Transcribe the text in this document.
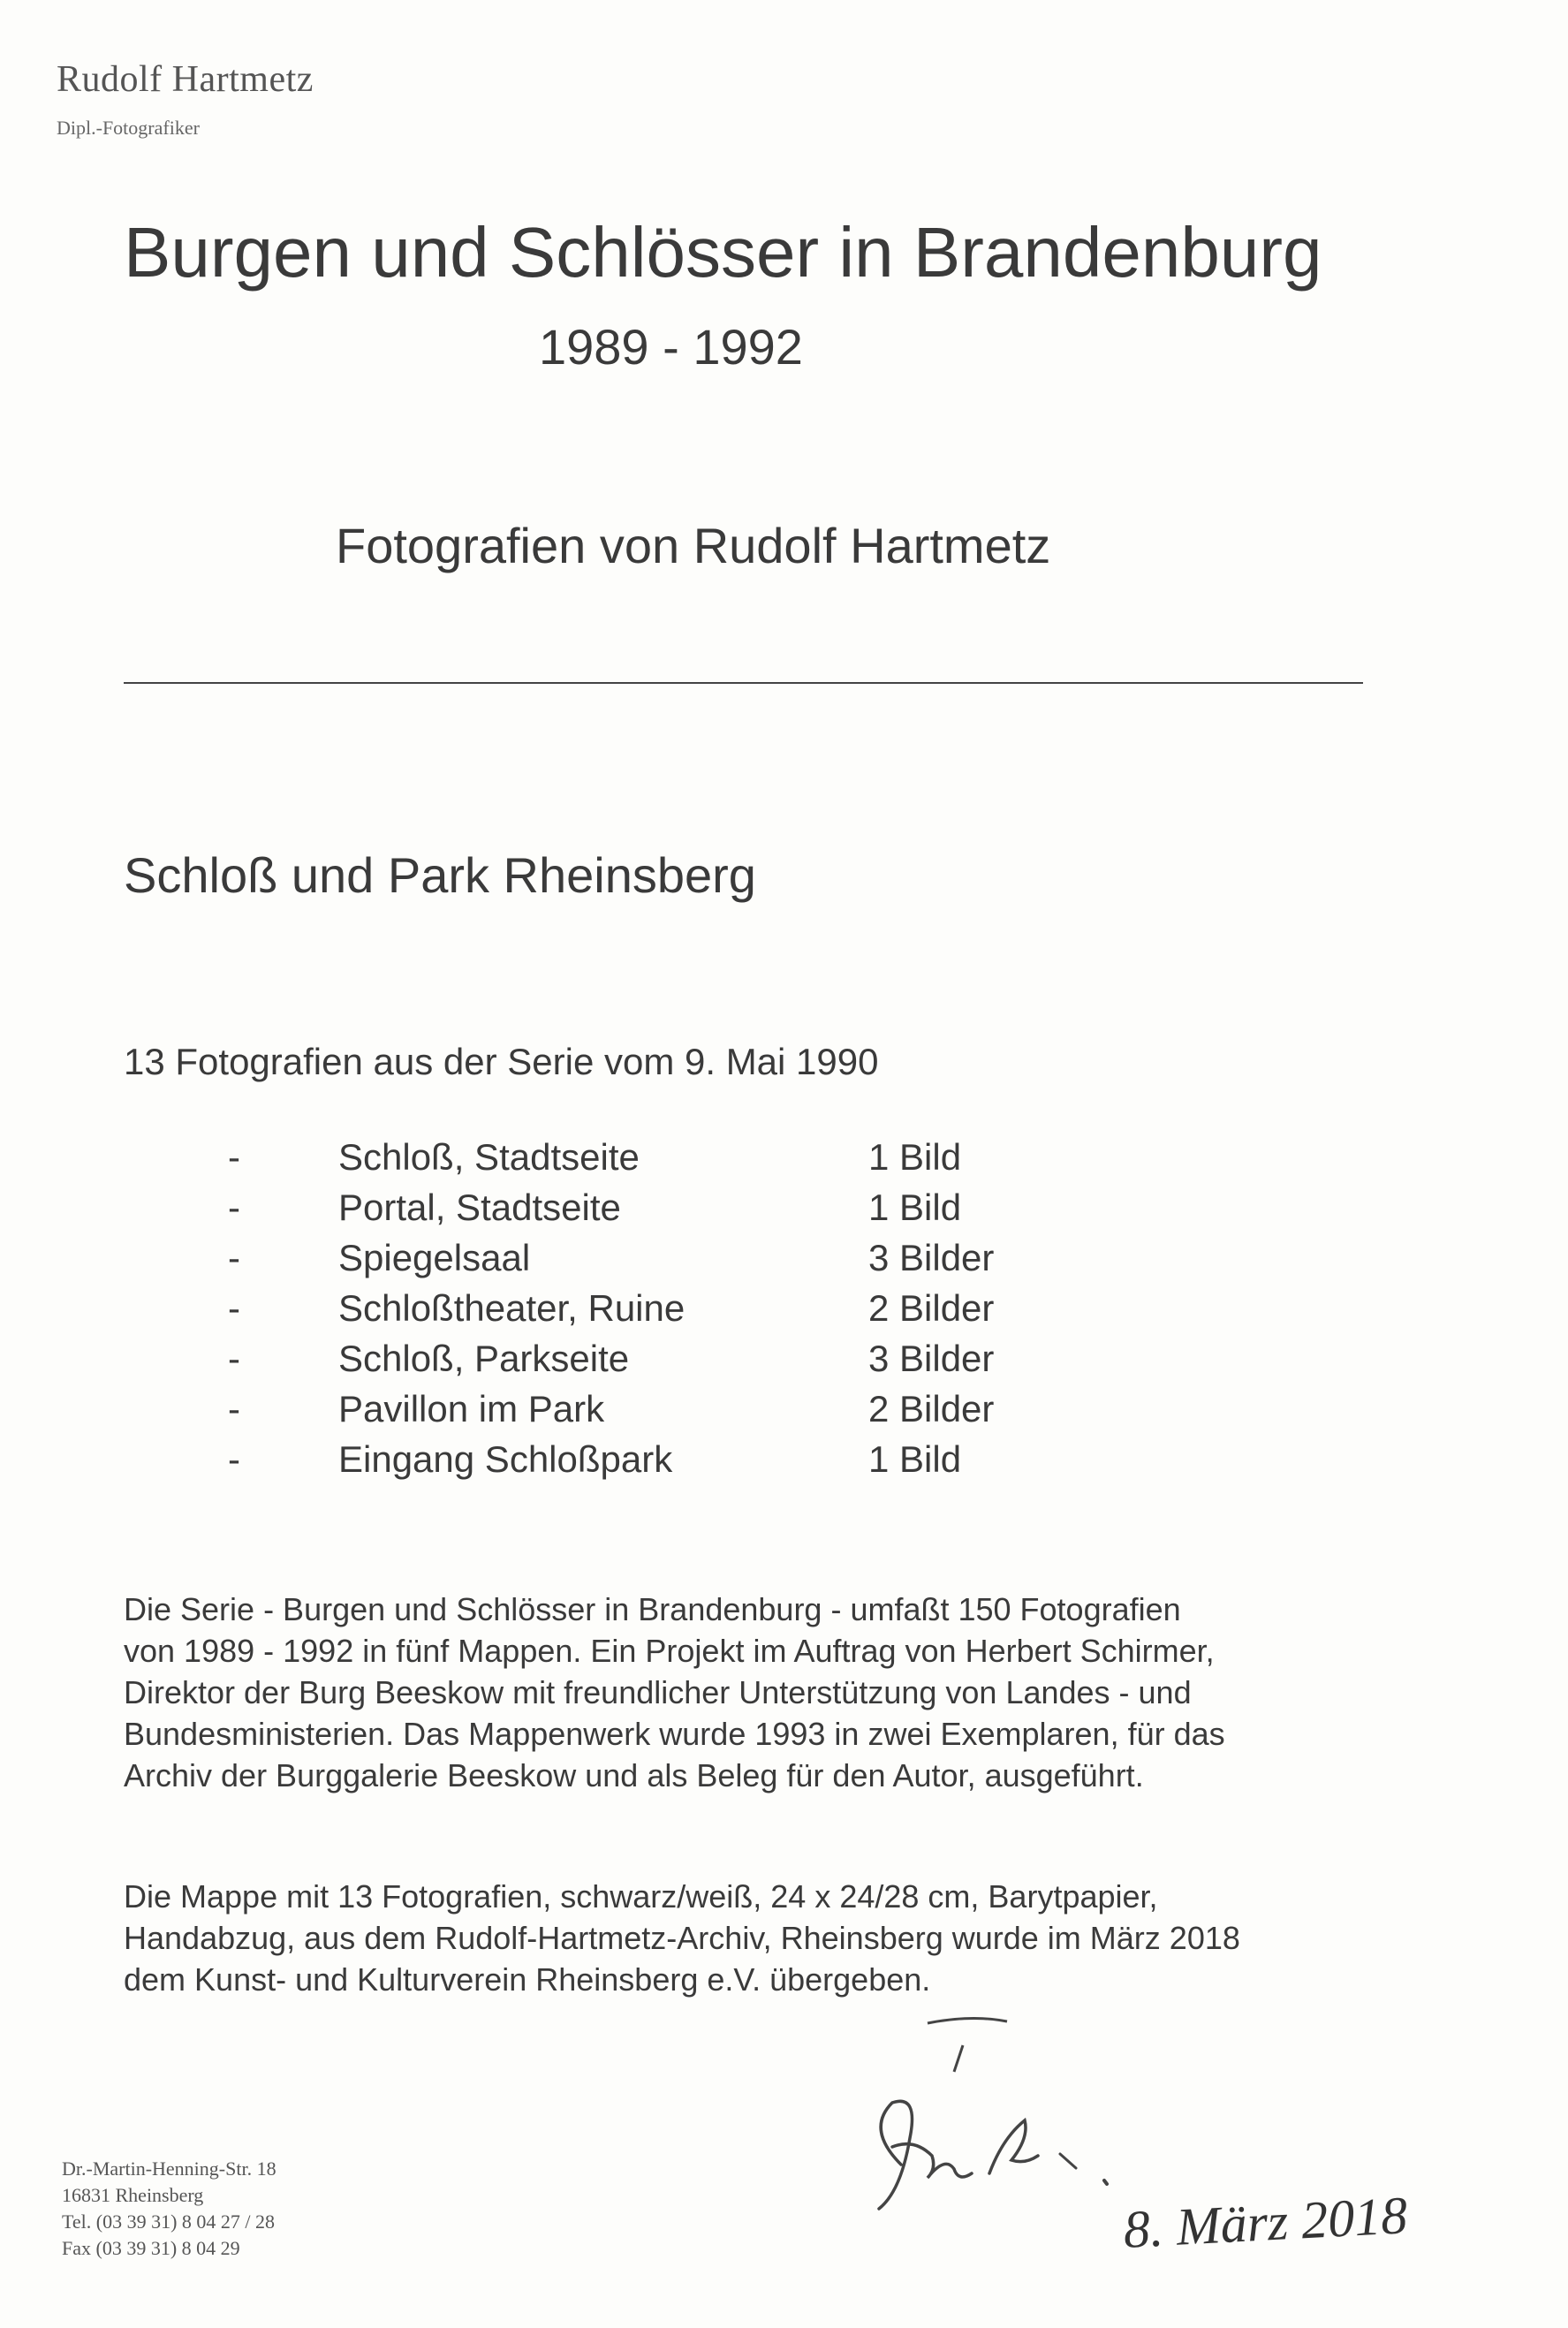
Rudolf Hartmetz
Dipl.-Fotografiker
Burgen und Schlösser in Brandenburg
1989 - 1992
Fotografien von Rudolf Hartmetz
Schloß und Park Rheinsberg
13 Fotografien aus der Serie vom 9. Mai 1990
-	Schloß, Stadtseite	1 Bild
-	Portal, Stadtseite	1 Bild
-	Spiegelsaal	3 Bilder
-	Schloßtheater, Ruine	2 Bilder
-	Schloß, Parkseite	3 Bilder
-	Pavillon im Park	2 Bilder
-	Eingang Schloßpark	1 Bild
Die Serie - Burgen und Schlösser in Brandenburg - umfaßt 150 Fotografien
von 1989 - 1992 in fünf Mappen. Ein Projekt im Auftrag von Herbert Schirmer,
Direktor der Burg Beeskow mit freundlicher Unterstützung von Landes - und
Bundesministerien. Das Mappenwerk wurde 1993 in zwei Exemplaren, für das
Archiv der Burggalerie Beeskow und als Beleg für den Autor, ausgeführt.
Die Mappe mit 13 Fotografien, schwarz/weiß, 24 x 24/28 cm, Barytpapier,
Handabzug, aus dem Rudolf-Hartmetz-Archiv, Rheinsberg wurde im März 2018
dem Kunst- und Kulturverein Rheinsberg e.V. übergeben.
Dr.-Martin-Henning-Str. 18
16831 Rheinsberg
Tel. (03 39 31) 8 04 27 / 28
Fax (03 39 31) 8 04 29	8. März 2018
